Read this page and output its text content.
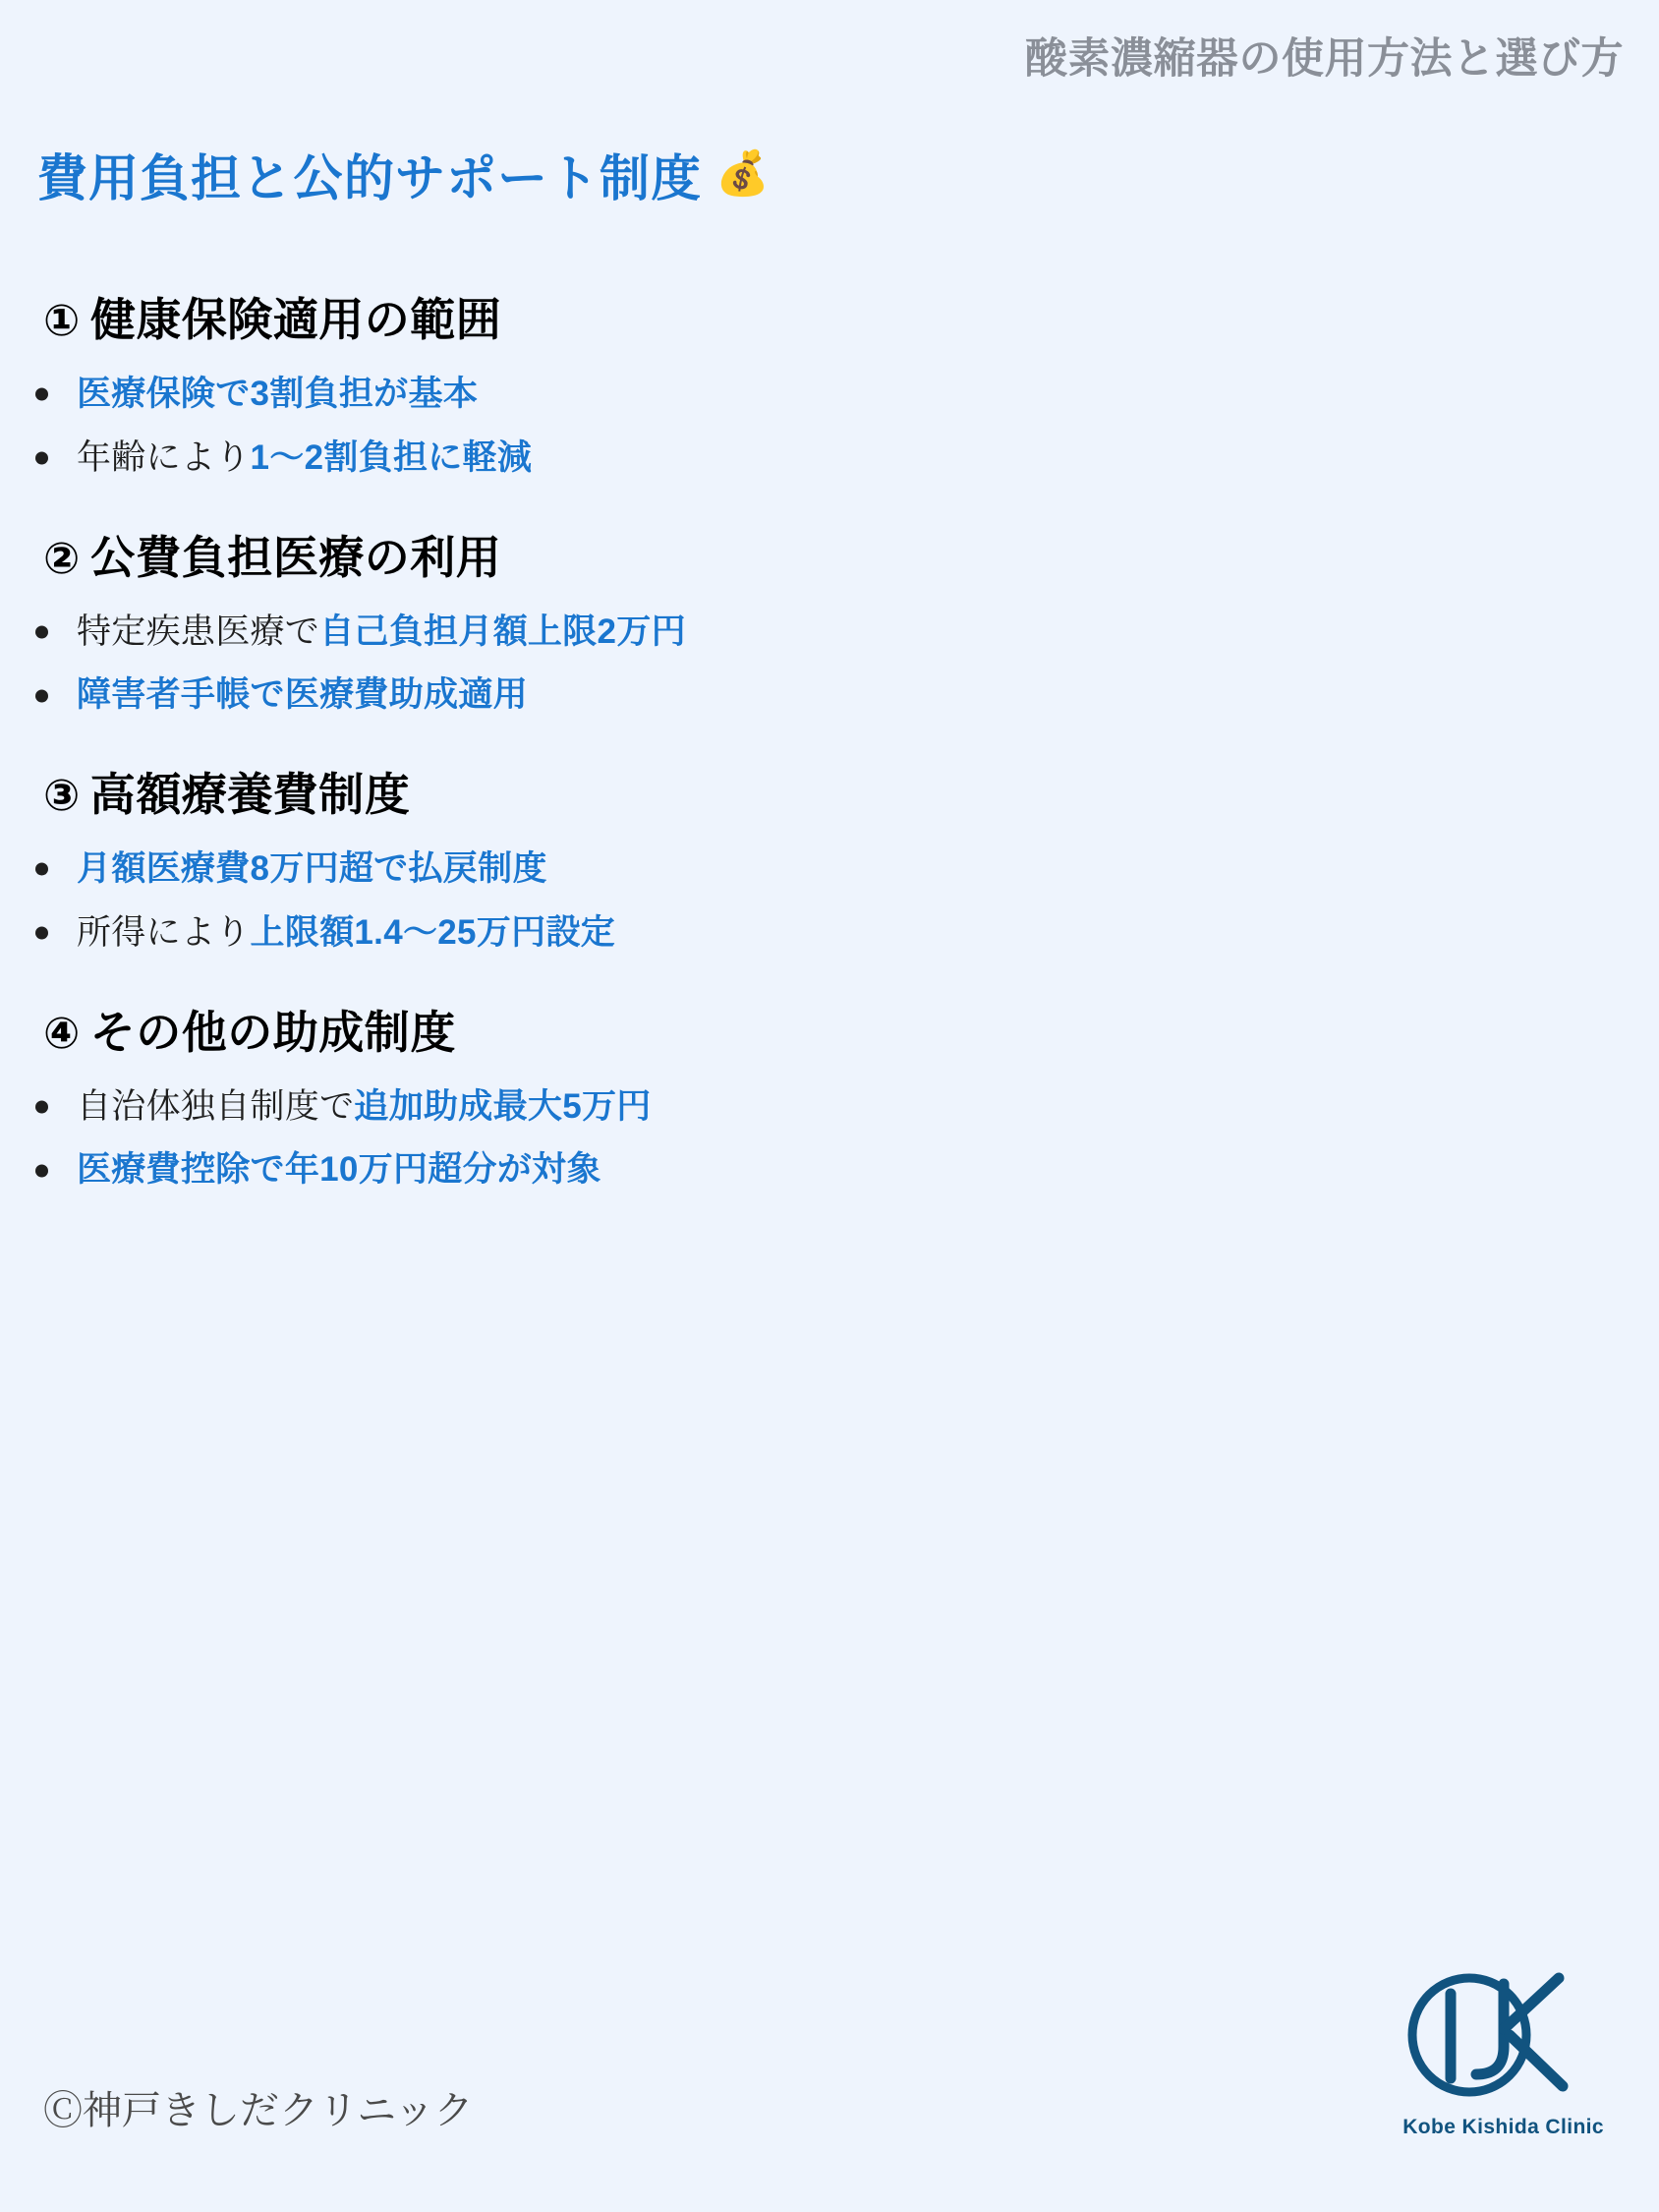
酸素濃縮器の使用方法と選び方
費用負担と公的サポート制度 💰
① 健康保険適用の範囲
医療保険で3割負担が基本
年齢により1〜2割負担に軽減
② 公費負担医療の利用
特定疾患医療で自己負担月額上限2万円
障害者手帳で医療費助成適用
③ 高額療養費制度
月額医療費8万円超で払戻制度
所得により上限額1.4〜25万円設定
④ その他の助成制度
自治体独自制度で追加助成最大5万円
医療費控除で年10万円超分が対象
Ⓒ神戸きしだクリニック	Kobe Kishida Clinic
